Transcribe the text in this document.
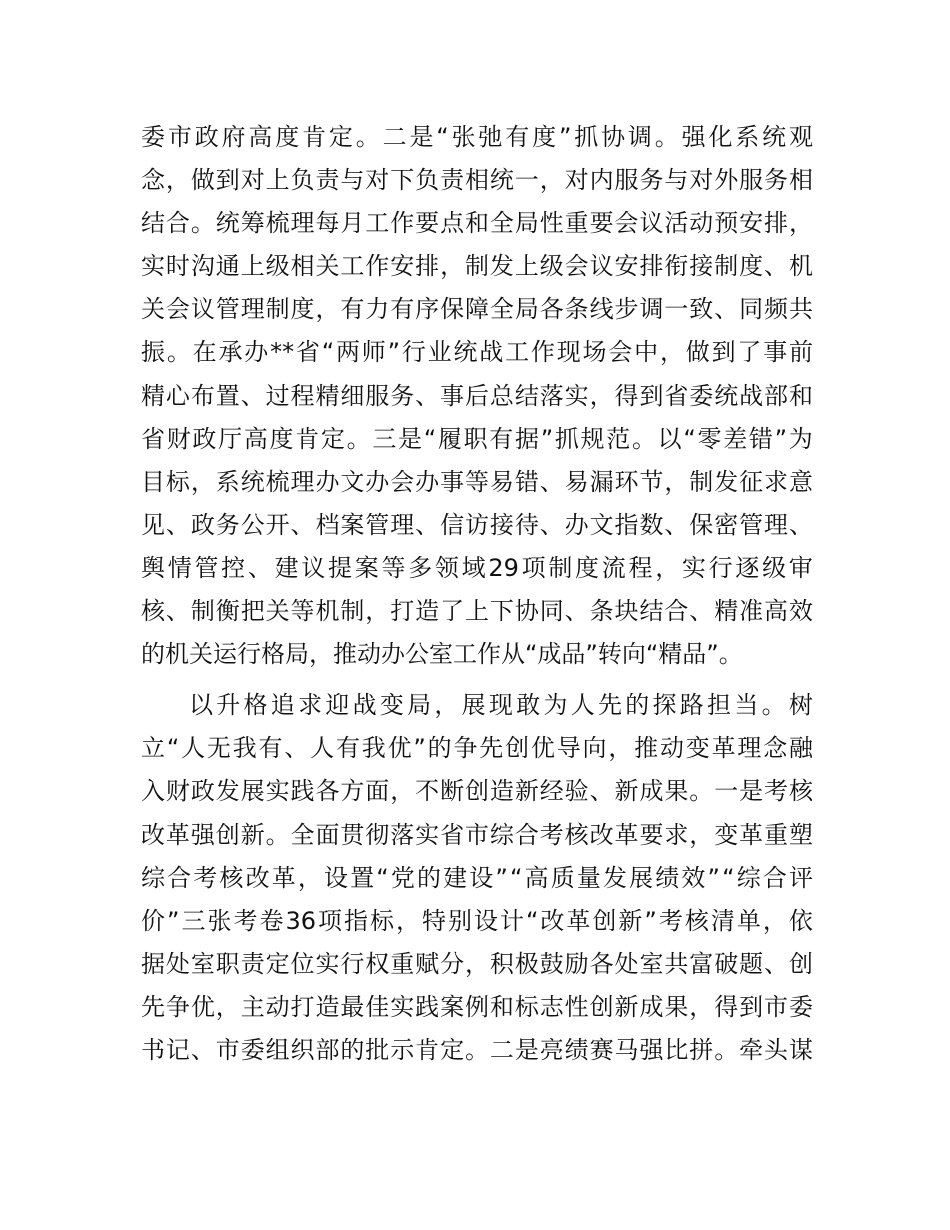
委 市 政 府 高 度 肯 定 。 二 是 “ 张 弛 有 度 ” 抓 协 调 。 强 化 系 统 观
念 ， 做 到 对 上 负 责 与 对 下 负 责 相 统 一 ， 对 内 服 务 与 对 外 服 务 相
结 合 。 统 筹 梳 理 每 月 工 作 要 点 和 全 局 性 重 要 会 议 活 动 预 安 排 ，
实 时 沟 通 上 级 相 关 工 作 安 排 ， 制 发 上 级 会 议 安 排 衔 接 制 度 、 机
关 会 议 管 理 制 度 ， 有 力 有 序 保 障 全 局 各 条 线 步 调 一 致 、 同 频 共
振 。 在 承 办 ** 省 “ 两 师 ” 行 业 统 战 工 作 现 场 会 中 ， 做 到 了 事 前
精 心 布 置 、 过 程 精 细 服 务 、 事 后 总 结 落 实 ， 得 到 省 委 统 战 部 和
省 财 政 厅 高 度 肯 定 。 三 是 “ 履 职 有 据 ” 抓 规 范 。 以 “ 零 差 错 ” 为
目 标 ， 系 统 梳 理 办 文 办 会 办 事 等 易 错 、 易 漏 环 节 ， 制 发 征 求 意
见 、 政 务 公 开 、 档 案 管 理 、 信 访 接 待 、 办 文 指 数 、 保 密 管 理 、
舆 情 管 控 、 建 议 提 案 等 多 领 域 29 项 制 度 流 程 ， 实 行 逐 级 审
核 、 制 衡 把 关 等 机 制 ， 打 造 了 上 下 协 同 、 条 块 结 合 、 精 准 高 效
的机关运行格局，推动办公室工作从“成品”转向“精品”。
以 升 格 追 求 迎 战 变 局 ， 展 现 敢 为 人 先 的 探 路 担 当 。 树
立 “ 人 无 我 有 、 人 有 我 优 ” 的 争 先 创 优 导 向 ， 推 动 变 革 理 念 融
入 财 政 发 展 实 践 各 方 面 ， 不 断 创 造 新 经 验 、 新 成 果 。 一 是 考 核
改 革 强 创 新 。 全 面 贯 彻 落 实 省 市 综 合 考 核 改 革 要 求 ， 变 革 重 塑
综 合 考 核 改 革 ， 设 置 “ 党 的 建 设 ” “ 高 质 量 发 展 绩 效 ” “ 综 合 评
价 ” 三 张 考 卷 36 项 指 标 ， 特 别 设 计 “ 改 革 创 新 ” 考 核 清 单 ， 依
据 处 室 职 责 定 位 实 行 权 重 赋 分 ， 积 极 鼓 励 各 处 室 共 富 破 题 、 创
先 争 优 ， 主 动 打 造 最 佳 实 践 案 例 和 标 志 性 创 新 成 果 ， 得 到 市 委
书 记 、 市 委 组 织 部 的 批 示 肯 定 。 二 是 亮 绩 赛 马 强 比 拼 。 牵 头 谋
